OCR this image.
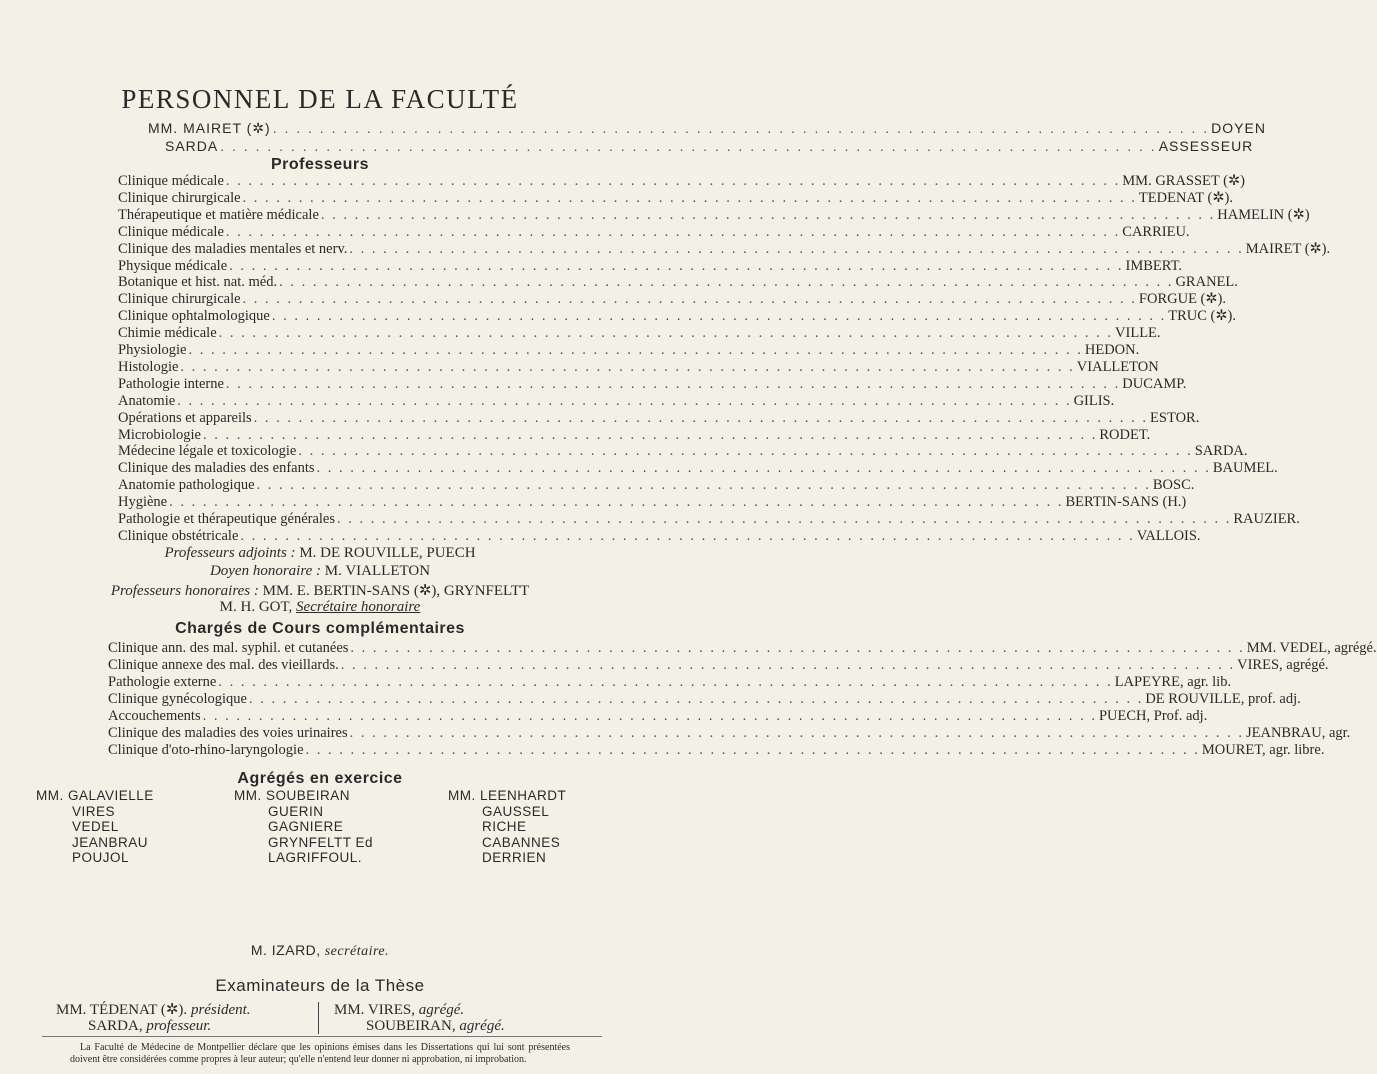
PERSONNEL DE LA FACULTÉ
MM. MAIRET (✲) . . .	DOYEN
SARDA . . .	ASSESSEUR
Professeurs
Clinique médicale . . .	MM. GRASSET (✲)
Clinique chirurgicale . . .	TEDENAT (✲).
Thérapeutique et matière médicale . . .	HAMELIN (✲)
Clinique médicale . . .	CARRIEU.
Clinique des maladies mentales et nerv. . . .	MAIRET (✲).
Physique médicale . . .	IMBERT.
Botanique et hist. nat. méd. . . .	GRANEL.
Clinique chirurgicale . . .	FORGUE (✲).
Clinique ophtalmologique . . .	TRUC (✲).
Chimie médicale . . .	VILLE.
Physiologie . . .	HEDON.
Histologie . . .	VIALLETON
Pathologie interne . . .	DUCAMP.
Anatomie . . .	GILIS.
Opérations et appareils . . .	ESTOR.
Microbiologie . . .	RODET.
Médecine légale et toxicologie . . .	SARDA.
Clinique des maladies des enfants . . .	BAUMEL.
Anatomie pathologique . . .	BOSC.
Hygiène . . .	BERTIN-SANS (H.)
Pathologie et thérapeutique générales . . .	RAUZIER.
Clinique obstétricale . . .	VALLOIS.
Professeurs adjoints : M. DE ROUVILLE, PUECH
Doyen honoraire : M. VIALLETON
Professeurs honoraires : MM. E. BERTIN-SANS (✲), GRYNFELTT
M. H. GOT, Secrétaire honoraire
Chargés de Cours complémentaires
Clinique ann. des mal. syphil. et cutanées . . .	MM. VEDEL, agrégé.
Clinique annexe des mal. des vieillards. . . .	VIRES, agrégé.
Pathologie externe . . .	LAPEYRE, agr. lib.
Clinique gynécologique . . .	DE ROUVILLE, prof. adj.
Accouchements . . .	PUECH, Prof. adj.
Clinique des maladies des voies urinaires . . .	JEANBRAU, agr.
Clinique d'oto-rhino-laryngologie . . .	MOURET, agr. libre.
Agrégés en exercice
MM. GALAVIELLE
VIRES
VEDEL
JEANBRAU
POUJOL
MM. SOUBEIRAN
GUERIN
GAGNIERE
GRYNFELTT Ed
LAGRIFFOUL.
MM. LEENHARDT
GAUSSEL
RICHE
CABANNES
DERRIEN
M. IZARD, secrétaire.
Examinateurs de la Thèse
MM. TÉDENAT (✲). président.
SARDA, professeur.
MM. VIRES, agrégé.
SOUBEIRAN, agrégé.
La Faculté de Médecine de Montpellier déclare que les opinions émises dans les Dissertations qui lui sont présentées doivent être considérées comme propres à leur auteur; qu'elle n'entend leur donner ni approbation, ni improbation.
